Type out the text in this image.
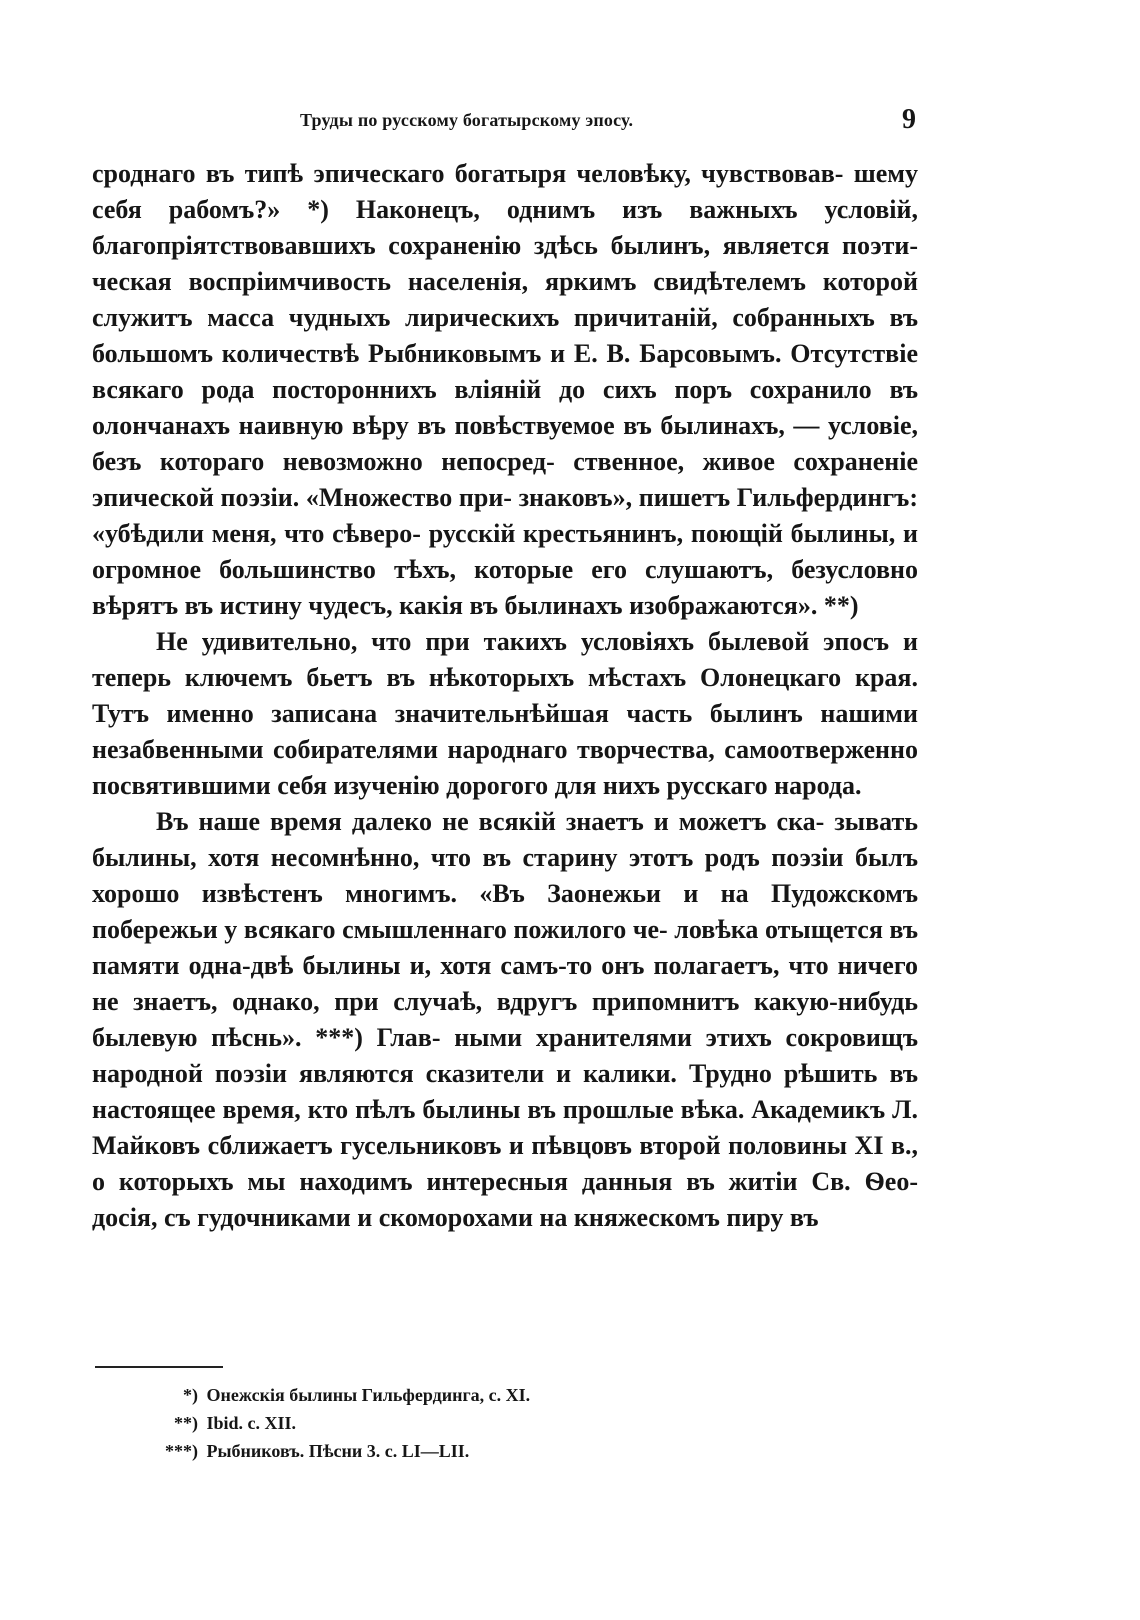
Труды по русскому богатырскому эпосу.	9

сроднаго въ типѣ эпическаго богатыря человѣку, чувствовав- шему себя рабомъ?» *) Наконецъ, однимъ изъ важныхъ условій, благопріятствовавшихъ сохраненію здѣсь былинъ, является поэти- ческая воспріимчивость населенія, яркимъ свидѣтелемъ которой служитъ масса чудныхъ лирическихъ причитаній, собранныхъ въ большомъ количествѣ Рыбниковымъ и Е. В. Барсовымъ. Отсутствіе всякаго рода постороннихъ вліяній до сихъ поръ сохранило въ олончанахъ наивную вѣру въ повѣствуемое въ былинахъ, — условіе, безъ котораго невозможно непосред- ственное, живое сохраненіе эпической поэзіи. «Множество при- знаковъ», пишетъ Гильфердингъ: «убѣдили меня, что сѣверо- русскій крестьянинъ, поющій былины, и огромное большинство тѣхъ, которые его слушаютъ, безусловно вѣрятъ въ истину чудесъ, какія въ былинахъ изображаются». **)

Не удивительно, что при такихъ условіяхъ былевой эпосъ и теперь ключемъ бьетъ въ нѣкоторыхъ мѣстахъ Олонецкаго края. Тутъ именно записана значительнѣйшая часть былинъ нашими незабвенными собирателями народнаго творчества, самоотверженно посвятившими себя изученію дорогого для нихъ русскаго народа.

Въ наше время далеко не всякій знаетъ и можетъ ска- зывать былины, хотя несомнѣнно, что въ старину этотъ родъ поэзіи былъ хорошо извѣстенъ многимъ. «Въ Заонежьи и на Пудожскомъ побережьи у всякаго смышленнаго пожилого че- ловѣка отыщется въ памяти одна-двѣ былины и, хотя самъ-то онъ полагаетъ, что ничего не знаетъ, однако, при случаѣ, вдругъ припомнитъ какую-нибудь былевую пѣснь». ***) Глав- ными хранителями этихъ сокровищъ народной поэзіи являются сказители и калики. Трудно рѣшить въ настоящее время, кто пѣлъ былины въ прошлые вѣка. Академикъ Л. Майковъ сближаетъ гусельниковъ и пѣвцовъ второй половины XI в., о которыхъ мы находимъ интересныя данныя въ житіи Св. Ѳео- досія, съ гудочниками и скоморохами на княжескомъ пиру въ

*) Онежскія былины Гильфердинга, с. XI.

**) Ibid. с. XII.

***) Рыбниковъ. Пѣсни 3. с. LI—LII.
